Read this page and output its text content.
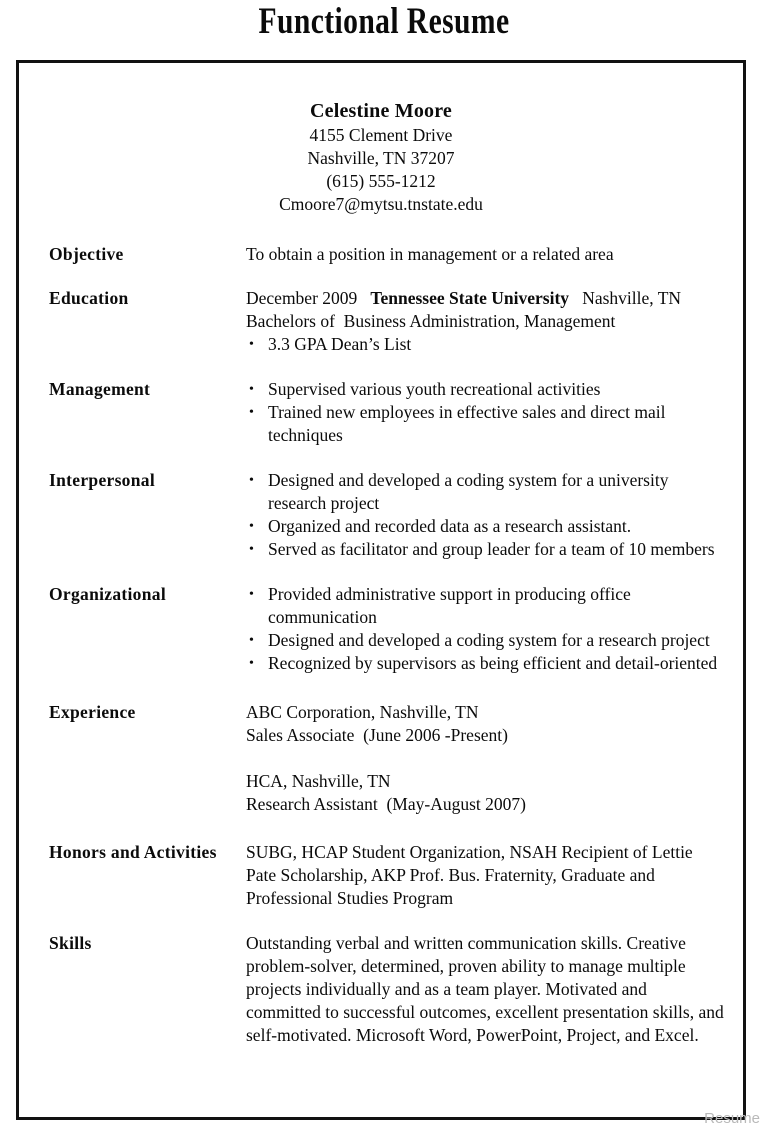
Functional Resume
Celestine Moore
4155 Clement Drive
Nashville, TN 37207
(615) 555-1212
Cmoore7@mytsu.tnstate.edu
Objective	To obtain a position in management or a related area
Education	December 2009 Tennessee State University Nashville, TN
Bachelors of  Business Administration, Management
• 3.3 GPA Dean’s List
Management	• Supervised various youth recreational activities
• Trained new employees in effective sales and direct mail techniques
Interpersonal	• Designed and developed a coding system for a university research project
• Organized and recorded data as a research assistant.
• Served as facilitator and group leader for a team of 10 members
Organizational	• Provided administrative support in producing office communication
• Designed and developed a coding system for a research project
• Recognized by supervisors as being efficient and detail-oriented
Experience	ABC Corporation, Nashville, TN
Sales Associate  (June 2006 -Present)
HCA, Nashville, TN
Research Assistant  (May-August 2007)
Honors and Activities	SUBG, HCAP Student Organization, NSAH Recipient of Lettie Pate Scholarship, AKP Prof. Bus. Fraternity, Graduate and Professional Studies Program
Skills	Outstanding verbal and written communication skills. Creative problem-solver, determined, proven ability to manage multiple projects individually and as a team player. Motivated and committed to successful outcomes, excellent presentation skills, and self-motivated. Microsoft Word, PowerPoint, Project, and Excel.
Resume
